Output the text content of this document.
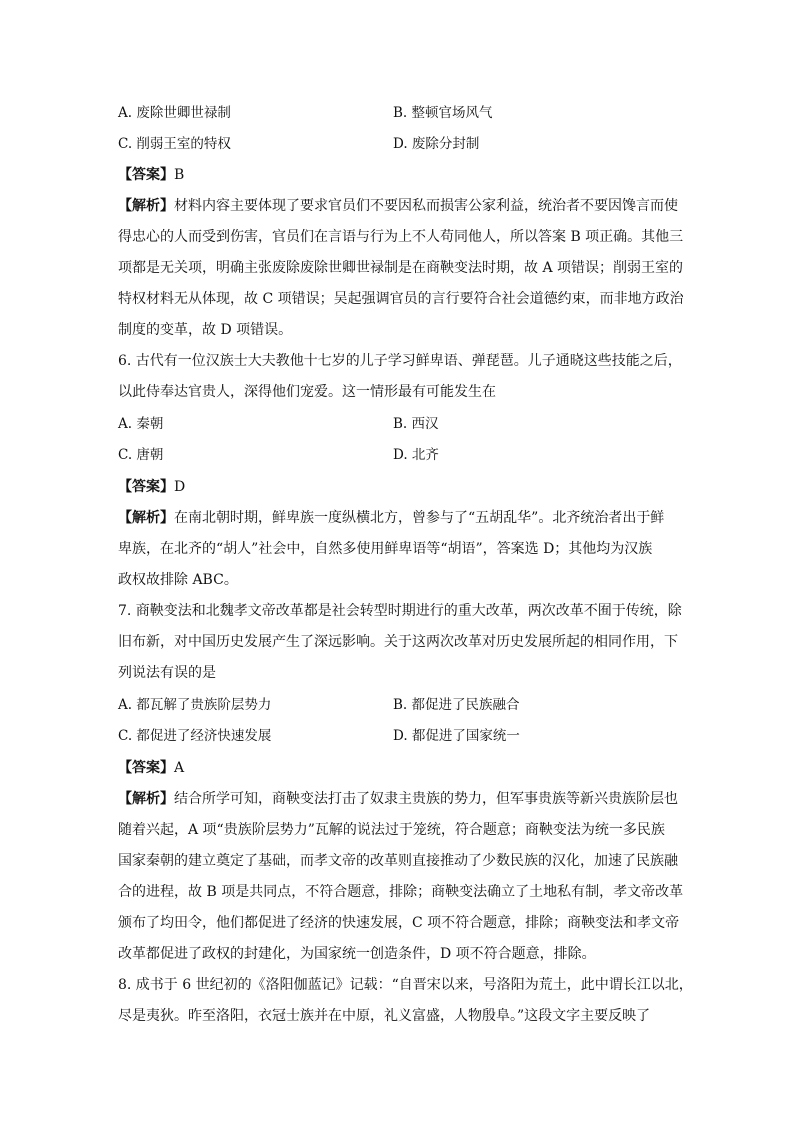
A. 废除世卿世禄制	B. 整顿官场风气
C. 削弱王室的特权	D. 废除分封制
【答案】B
【解析】材料内容主要体现了要求官员们不要因私而损害公家利益，统治者不要因馋言而使
得忠心的人而受到伤害，官员们在言语与行为上不人苟同他人，所以答案 B 项正确。其他三
项都是无关项，明确主张废除废除世卿世禄制是在商鞅变法时期，故 A 项错误；削弱王室的
特权材料无从体现，故 C 项错误；吴起强调官员的言行要符合社会道德约束，而非地方政治
制度的变革，故 D 项错误。
6. 古代有一位汉族士大夫教他十七岁的儿子学习鲜卑语、弹琵琶。儿子通晓这些技能之后，
以此侍奉达官贵人，深得他们宠爱。这一情形最有可能发生在
A. 秦朝	B. 西汉
C. 唐朝	D. 北齐
【答案】D
【解析】在南北朝时期，鲜卑族一度纵横北方，曾参与了“五胡乱华”。北齐统治者出于鲜
卑族，在北齐的“胡人”社会中，自然多使用鲜卑语等“胡语”，答案选 D；其他均为汉族
政权故排除 ABC。
7. 商鞅变法和北魏孝文帝改革都是社会转型时期进行的重大改革，两次改革不囿于传统，除
旧布新，对中国历史发展产生了深远影响。关于这两次改革对历史发展所起的相同作用，下
列说法有误的是
A. 都瓦解了贵族阶层势力	B. 都促进了民族融合
C. 都促进了经济快速发展	D. 都促进了国家统一
【答案】A
【解析】结合所学可知，商鞅变法打击了奴隶主贵族的势力，但军事贵族等新兴贵族阶层也
随着兴起，A 项“贵族阶层势力”瓦解的说法过于笼统，符合题意；商鞅变法为统一多民族
国家秦朝的建立奠定了基础，而孝文帝的改革则直接推动了少数民族的汉化，加速了民族融
合的进程，故 B 项是共同点，不符合题意，排除；商鞅变法确立了土地私有制，孝文帝改革
颁布了均田令，他们都促进了经济的快速发展，C 项不符合题意，排除；商鞅变法和孝文帝
改革都促进了政权的封建化，为国家统一创造条件，D 项不符合题意，排除。
8. 成书于 6 世纪初的《洛阳伽蓝记》记载：“自晋宋以来，号洛阳为荒土，此中谓长江以北，
尽是夷狄。昨至洛阳，衣冠士族并在中原，礼义富盛，人物殷阜。”这段文字主要反映了
